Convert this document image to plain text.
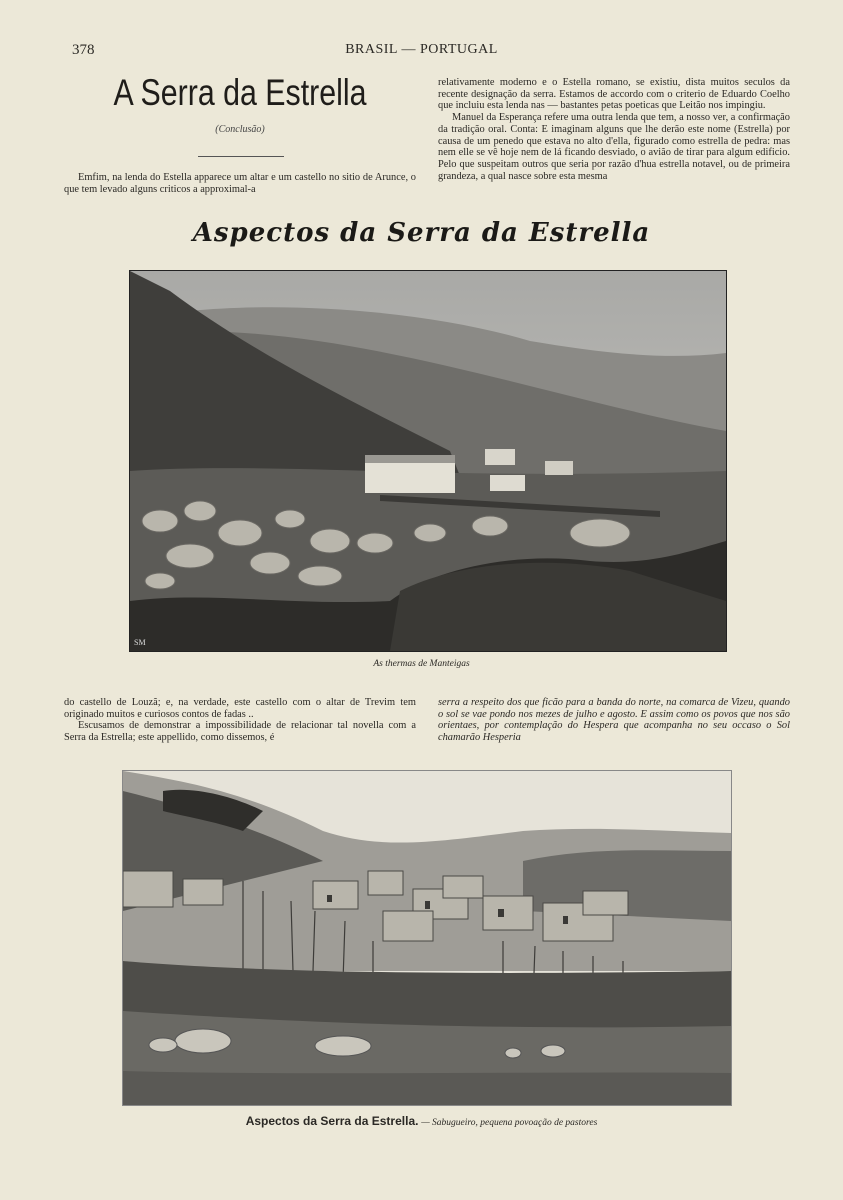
378	BRASIL — PORTUGAL
A Serra da Estrella
(Conclusão)

Emfim, na lenda do Estella apparece um altar e um castello no sitio de Arunce, o que tem levado alguns criticos a approximal-a

relativamente moderno e o Estella romano, se existiu, dista muitos seculos da recente designação da serra. Estamos de accordo com o criterio de Eduardo Coelho que incluiu esta lenda nas — bastantes petas poeticas que Leitão nos impingiu.

Manuel da Esperança refere uma outra lenda que tem, a nosso ver, a confirmação da tradição oral. Conta: E imaginam alguns que lhe derão este nome (Estrella) por causa de um penedo que estava no alto d'ella, figurado como estrella de pedra: mas nem elle se vê hoje nem de lá ficando desviado, o avião de tirar para algum edificio. Pelo que suspeitam outros que seria por razão d'hua estrella notavel, ou de primeira grandeza, a qual nasce sobre esta mesma

Aspectos da Serra da Estrella
SM
As thermas de Manteigas

do castello de Louzã; e, na verdade, este castello com o altar de Trevim tem originado muitos e curiosos contos de fadas ..

Escusamos de demonstrar a impossibilidade de relacionar tal novella com a Serra da Estrella; este appellido, como dissemos, é

serra a respeito dos que ficão para a banda do norte, na comarca de Vizeu, quando o sol se vae pondo nos mezes de julho e agosto. E assim como os povos que nos são orientaes, por contemplação do Hespera que acompanha no seu occaso o Sol chamarão Hesperia

Aspectos da Serra da Estrella. — Sabugueiro, pequena povoação de pastores
